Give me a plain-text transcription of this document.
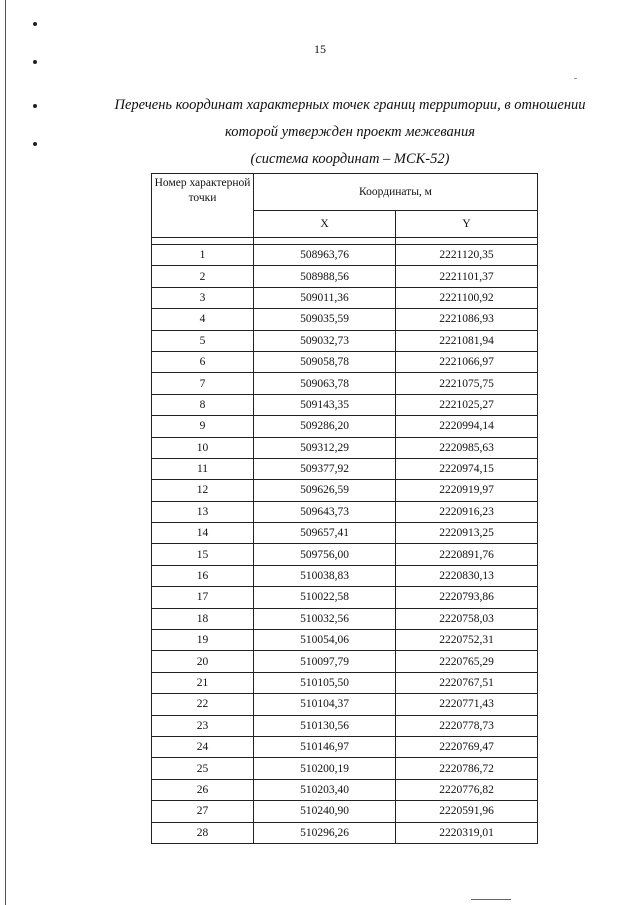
15
Перечень координат характерных точек границ территории, в отношении
которой утвержден проект межевания
(система координат – МСК-52)
Номер характерной точки	Координаты, м	
	X	Y

1	508963,76	2221120,35
2	508988,56	2221101,37
3	509011,36	2221100,92
4	509035,59	2221086,93
5	509032,73	2221081,94
6	509058,78	2221066,97
7	509063,78	2221075,75
8	509143,35	2221025,27
9	509286,20	2220994,14
10	509312,29	2220985,63
11	509377,92	2220974,15
12	509626,59	2220919,97
13	509643,73	2220916,23
14	509657,41	2220913,25
15	509756,00	2220891,76
16	510038,83	2220830,13
17	510022,58	2220793,86
18	510032,56	2220758,03
19	510054,06	2220752,31
20	510097,79	2220765,29
21	510105,50	2220767,51
22	510104,37	2220771,43
23	510130,56	2220778,73
24	510146,97	2220769,47
25	510200,19	2220786,72
26	510203,40	2220776,82
27	510240,90	2220591,96
28	510296,26	2220319,01
